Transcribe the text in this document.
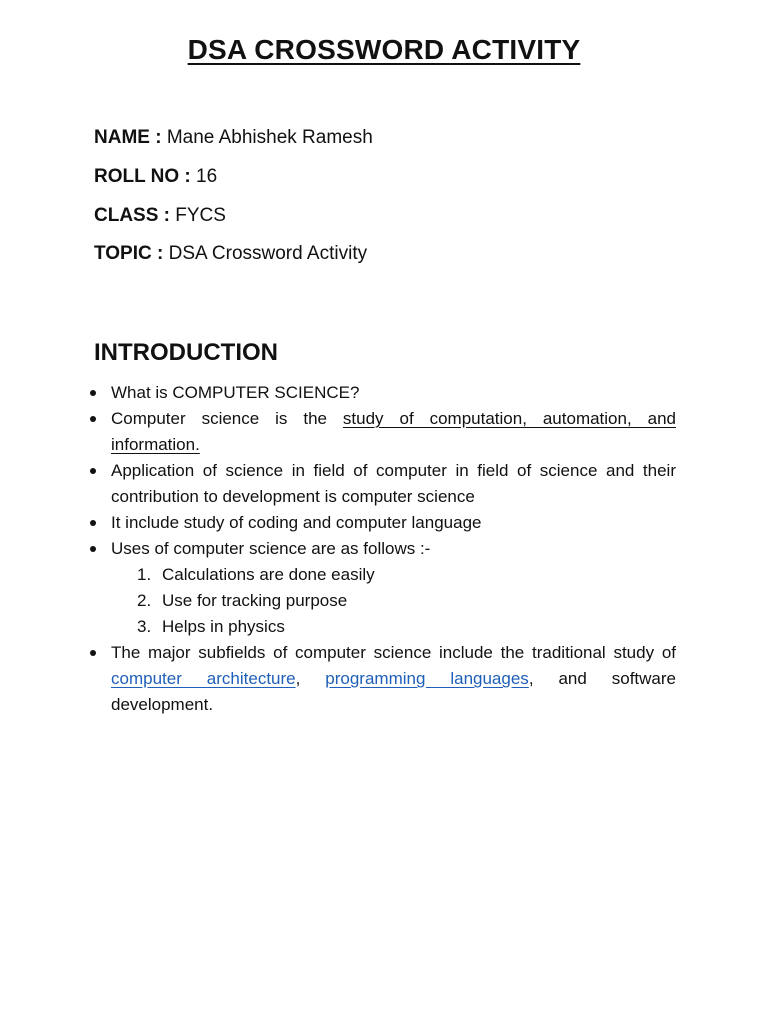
DSA CROSSWORD ACTIVITY
NAME : Mane Abhishek Ramesh
ROLL NO : 16
CLASS : FYCS
TOPIC : DSA Crossword Activity
INTRODUCTION
What is COMPUTER SCIENCE?
Computer science is the study of computation, automation, and information.
Application of science in field of computer in field of science and their contribution to development is computer science
It include study of coding and computer language
Uses of computer science are as follows :-
1. Calculations are done easily
2. Use for tracking purpose
3. Helps in physics
The major subfields of computer science include the traditional study of computer architecture, programming languages, and software development.
